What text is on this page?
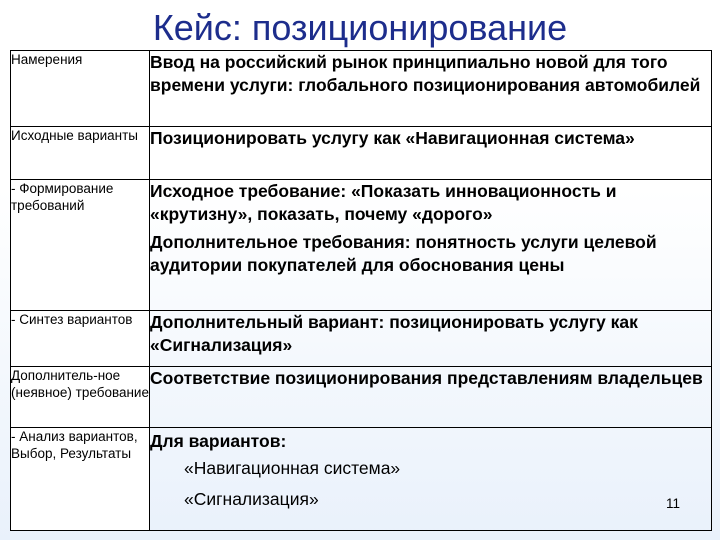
Кейс: позиционирование
Намерения	Ввод на российский рынок принципиально новой для того времени услуги: глобального позиционирования автомобилей

Исходные варианты	Позиционировать услугу как «Навигационная система»

- Формирование требований	Исходное требование: «Показать инновационность и «крутизну», показать, почему «дорого»

Дополнительное требования: понятность услуги целевой аудитории покупателей для обоснования цены

- Синтез вариантов	Дополнительный вариант: позиционировать услугу как «Сигнализация»

Дополнитель-ное (неявное) требование	Соответствие позиционирования представлениям владельцев

- Анализ вариантов, Выбор, Результаты	Для вариантов:

«Навигационная система»

«Сигнализация»	11
